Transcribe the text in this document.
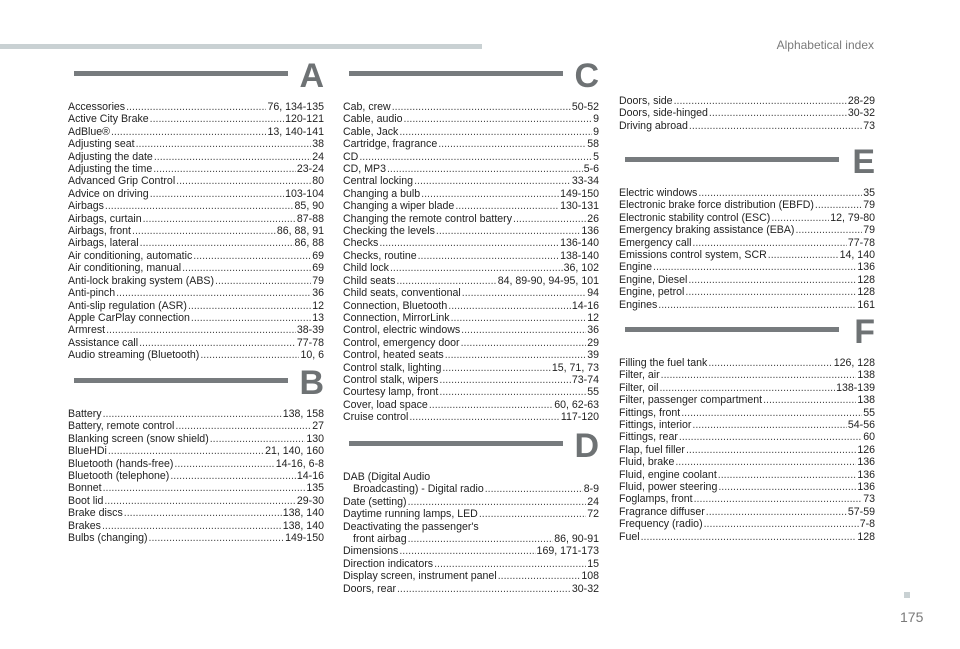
Alphabetical index
A
Accessories .....	76, 134-135
Active City Brake .....	120-121
AdBlue® .....	13, 140-141
Adjusting seat .....	38
Adjusting the date .....	24
Adjusting the time .....	23-24
Advanced Grip Control .....	80
Advice on driving .....	103-104
Airbags .....	85, 90
Airbags, curtain .....	87-88
Airbags, front .....	86, 88, 91
Airbags, lateral .....	86, 88
Air conditioning, automatic .....	69
Air conditioning, manual .....	69
Anti-lock braking system (ABS) .....	79
Anti-pinch .....	36
Anti-slip regulation (ASR) .....	12
Apple CarPlay connection .....	13
Armrest .....	38-39
Assistance call .....	77-78
Audio streaming (Bluetooth) .....	10, 6
B
Battery .....	138, 158
Battery, remote control .....	27
Blanking screen (snow shield) .....	130
BlueHDi .....	21, 140, 160
Bluetooth (hands-free) .....	14-16, 6-8
Bluetooth (telephone) .....	14-16
Bonnet .....	135
Boot lid .....	29-30
Brake discs .....	138, 140
Brakes .....	138, 140
Bulbs (changing) .....	149-150
C
Cab, crew .....	50-52
Cable, audio .....	9
Cable, Jack .....	9
Cartridge, fragrance .....	58
CD .....	5
CD, MP3 .....	5-6
Central locking .....	33-34
Changing a bulb .....	149-150
Changing a wiper blade .....	130-131
Changing the remote control battery .....	26
Checking the levels .....	136
Checks .....	136-140
Checks, routine .....	138-140
Child lock .....	36, 102
Child seats .....	84, 89-90, 94-95, 101
Child seats, conventional .....	94
Connection, Bluetooth .....	14-16
Connection, MirrorLink .....	12
Control, electric windows .....	36
Control, emergency door .....	29
Control, heated seats .....	39
Control stalk, lighting .....	15, 71, 73
Control stalk, wipers .....	73-74
Courtesy lamp, front .....	55
Cover, load space .....	60, 62-63
Cruise control .....	117-120
D
DAB (Digital Audio
Broadcasting) - Digital radio .....	8-9
Date (setting) .....	24
Daytime running lamps, LED .....	72
Deactivating the passenger's
front airbag .....	86, 90-91
Dimensions .....	169, 171-173
Direction indicators .....	15
Display screen, instrument panel .....	108
Doors, rear .....	30-32
Doors, side .....	28-29
Doors, side-hinged .....	30-32
Driving abroad .....	73
E
Electric windows .....	35
Electronic brake force distribution (EBFD) .....	79
Electronic stability control (ESC) .....	12, 79-80
Emergency braking assistance (EBA) .....	79
Emergency call .....	77-78
Emissions control system, SCR .....	14, 140
Engine .....	136
Engine, Diesel .....	128
Engine, petrol .....	128
Engines .....	161
F
Filling the fuel tank .....	126, 128
Filter, air .....	138
Filter, oil .....	138-139
Filter, passenger compartment .....	138
Fittings, front .....	55
Fittings, interior .....	54-56
Fittings, rear .....	60
Flap, fuel filler .....	126
Fluid, brake .....	136
Fluid, engine coolant .....	136
Fluid, power steering .....	136
Foglamps, front .....	73
Fragrance diffuser .....	57-59
Frequency (radio) .....	7-8
Fuel .....	128
175
